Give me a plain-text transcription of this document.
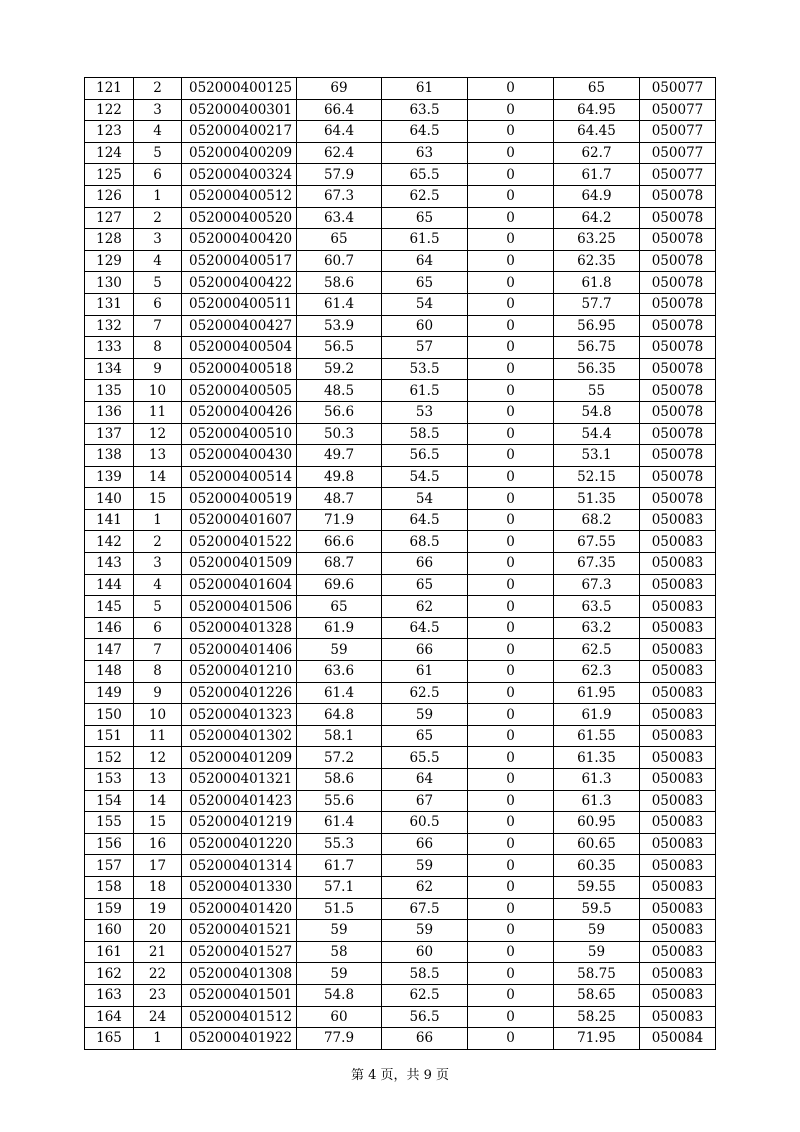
121	2	052000400125	69	61	0	65	050077
122	3	052000400301	66.4	63.5	0	64.95	050077
123	4	052000400217	64.4	64.5	0	64.45	050077
124	5	052000400209	62.4	63	0	62.7	050077
125	6	052000400324	57.9	65.5	0	61.7	050077
126	1	052000400512	67.3	62.5	0	64.9	050078
127	2	052000400520	63.4	65	0	64.2	050078
128	3	052000400420	65	61.5	0	63.25	050078
129	4	052000400517	60.7	64	0	62.35	050078
130	5	052000400422	58.6	65	0	61.8	050078
131	6	052000400511	61.4	54	0	57.7	050078
132	7	052000400427	53.9	60	0	56.95	050078
133	8	052000400504	56.5	57	0	56.75	050078
134	9	052000400518	59.2	53.5	0	56.35	050078
135	10	052000400505	48.5	61.5	0	55	050078
136	11	052000400426	56.6	53	0	54.8	050078
137	12	052000400510	50.3	58.5	0	54.4	050078
138	13	052000400430	49.7	56.5	0	53.1	050078
139	14	052000400514	49.8	54.5	0	52.15	050078
140	15	052000400519	48.7	54	0	51.35	050078
141	1	052000401607	71.9	64.5	0	68.2	050083
142	2	052000401522	66.6	68.5	0	67.55	050083
143	3	052000401509	68.7	66	0	67.35	050083
144	4	052000401604	69.6	65	0	67.3	050083
145	5	052000401506	65	62	0	63.5	050083
146	6	052000401328	61.9	64.5	0	63.2	050083
147	7	052000401406	59	66	0	62.5	050083
148	8	052000401210	63.6	61	0	62.3	050083
149	9	052000401226	61.4	62.5	0	61.95	050083
150	10	052000401323	64.8	59	0	61.9	050083
151	11	052000401302	58.1	65	0	61.55	050083
152	12	052000401209	57.2	65.5	0	61.35	050083
153	13	052000401321	58.6	64	0	61.3	050083
154	14	052000401423	55.6	67	0	61.3	050083
155	15	052000401219	61.4	60.5	0	60.95	050083
156	16	052000401220	55.3	66	0	60.65	050083
157	17	052000401314	61.7	59	0	60.35	050083
158	18	052000401330	57.1	62	0	59.55	050083
159	19	052000401420	51.5	67.5	0	59.5	050083
160	20	052000401521	59	59	0	59	050083
161	21	052000401527	58	60	0	59	050083
162	22	052000401308	59	58.5	0	58.75	050083
163	23	052000401501	54.8	62.5	0	58.65	050083
164	24	052000401512	60	56.5	0	58.25	050083
165	1	052000401922	77.9	66	0	71.95	050084
第 4 页，共 9 页
